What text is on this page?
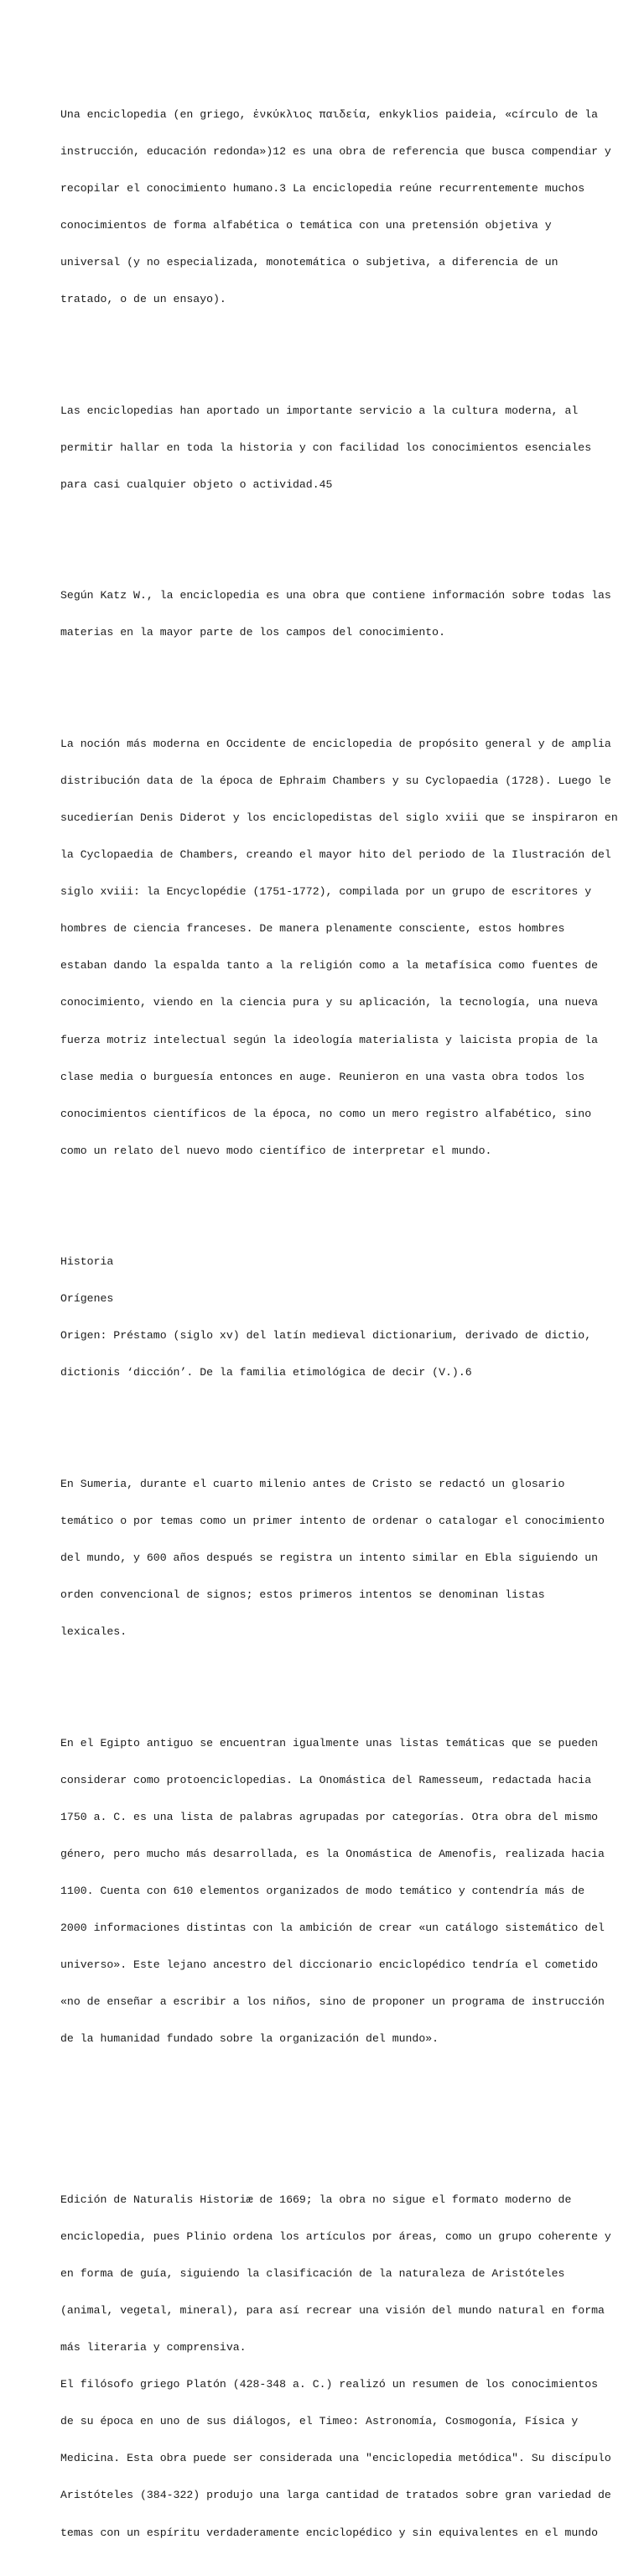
Una enciclopedia (en griego, ἐνκύκλιος παιδεία, enkyklios paideia, «círculo de la

instrucción, educación redonda»)12 es una obra de referencia que busca compendiar y

recopilar el conocimiento humano.3 La enciclopedia reúne recurrentemente muchos

conocimientos de forma alfabética o temática con una pretensión objetiva y

universal (y no especializada, monotemática o subjetiva, a diferencia de un

tratado, o de un ensayo).

Las enciclopedias han aportado un importante servicio a la cultura moderna, al

permitir hallar en toda la historia y con facilidad los conocimientos esenciales

para casi cualquier objeto o actividad.45

Según Katz W., la enciclopedia es una obra que contiene información sobre todas las

materias en la mayor parte de los campos del conocimiento.

La noción más moderna en Occidente de enciclopedia de propósito general y de amplia

distribución data de la época de Ephraim Chambers y su Cyclopaedia (1728). Luego le

sucedierían Denis Diderot y los enciclopedistas del siglo xviii que se inspiraron en

la Cyclopaedia de Chambers, creando el mayor hito del periodo de la Ilustración del

siglo xviii: la Encyclopédie (1751-1772), compilada por un grupo de escritores y

hombres de ciencia franceses. De manera plenamente consciente, estos hombres

estaban dando la espalda tanto a la religión como a la metafísica como fuentes de

conocimiento, viendo en la ciencia pura y su aplicación, la tecnología, una nueva

fuerza motriz intelectual según la ideología materialista y laicista propia de la

clase media o burguesía entonces en auge. Reunieron en una vasta obra todos los

conocimientos científicos de la época, no como un mero registro alfabético, sino

como un relato del nuevo modo científico de interpretar el mundo.

Historia

Orígenes

Origen: Préstamo (siglo xv) del latín medieval dictionarium, derivado de dictio,

dictionis ‘dicción’. De la familia etimológica de decir (V.).6

En Sumeria, durante el cuarto milenio antes de Cristo se redactó un glosario

temático o por temas como un primer intento de ordenar o catalogar el conocimiento

del mundo, y 600 años después se registra un intento similar en Ebla siguiendo un

orden convencional de signos; estos primeros intentos se denominan listas

lexicales.

En el Egipto antiguo se encuentran igualmente unas listas temáticas que se pueden

considerar como protoenciclopedias. La Onomástica del Ramesseum, redactada hacia

1750 a. C. es una lista de palabras agrupadas por categorías. Otra obra del mismo

género, pero mucho más desarrollada, es la Onomástica de Amenofis, realizada hacia

1100. Cuenta con 610 elementos organizados de modo temático y contendría más de

2000 informaciones distintas con la ambición de crear «un catálogo sistemático del

universo». Este lejano ancestro del diccionario enciclopédico tendría el cometido

«no de enseñar a escribir a los niños, sino de proponer un programa de instrucción

de la humanidad fundado sobre la organización del mundo».

Edición de Naturalis Historiæ de 1669; la obra no sigue el formato moderno de

enciclopedia, pues Plinio ordena los artículos por áreas, como un grupo coherente y

en forma de guía, siguiendo la clasificación de la naturaleza de Aristóteles

(animal, vegetal, mineral), para así recrear una visión del mundo natural en forma

más literaria y comprensiva.

El filósofo griego Platón (428-348 a. C.) realizó un resumen de los conocimientos

de su época en uno de sus diálogos, el Timeo: Astronomía, Cosmogonía, Física y

Medicina. Esta obra puede ser considerada una "enciclopedia metódica". Su discípulo

Aristóteles (384-322) produjo una larga cantidad de tratados sobre gran variedad de

temas con un espíritu verdaderamente enciclopédico y sin equivalentes en el mundo
